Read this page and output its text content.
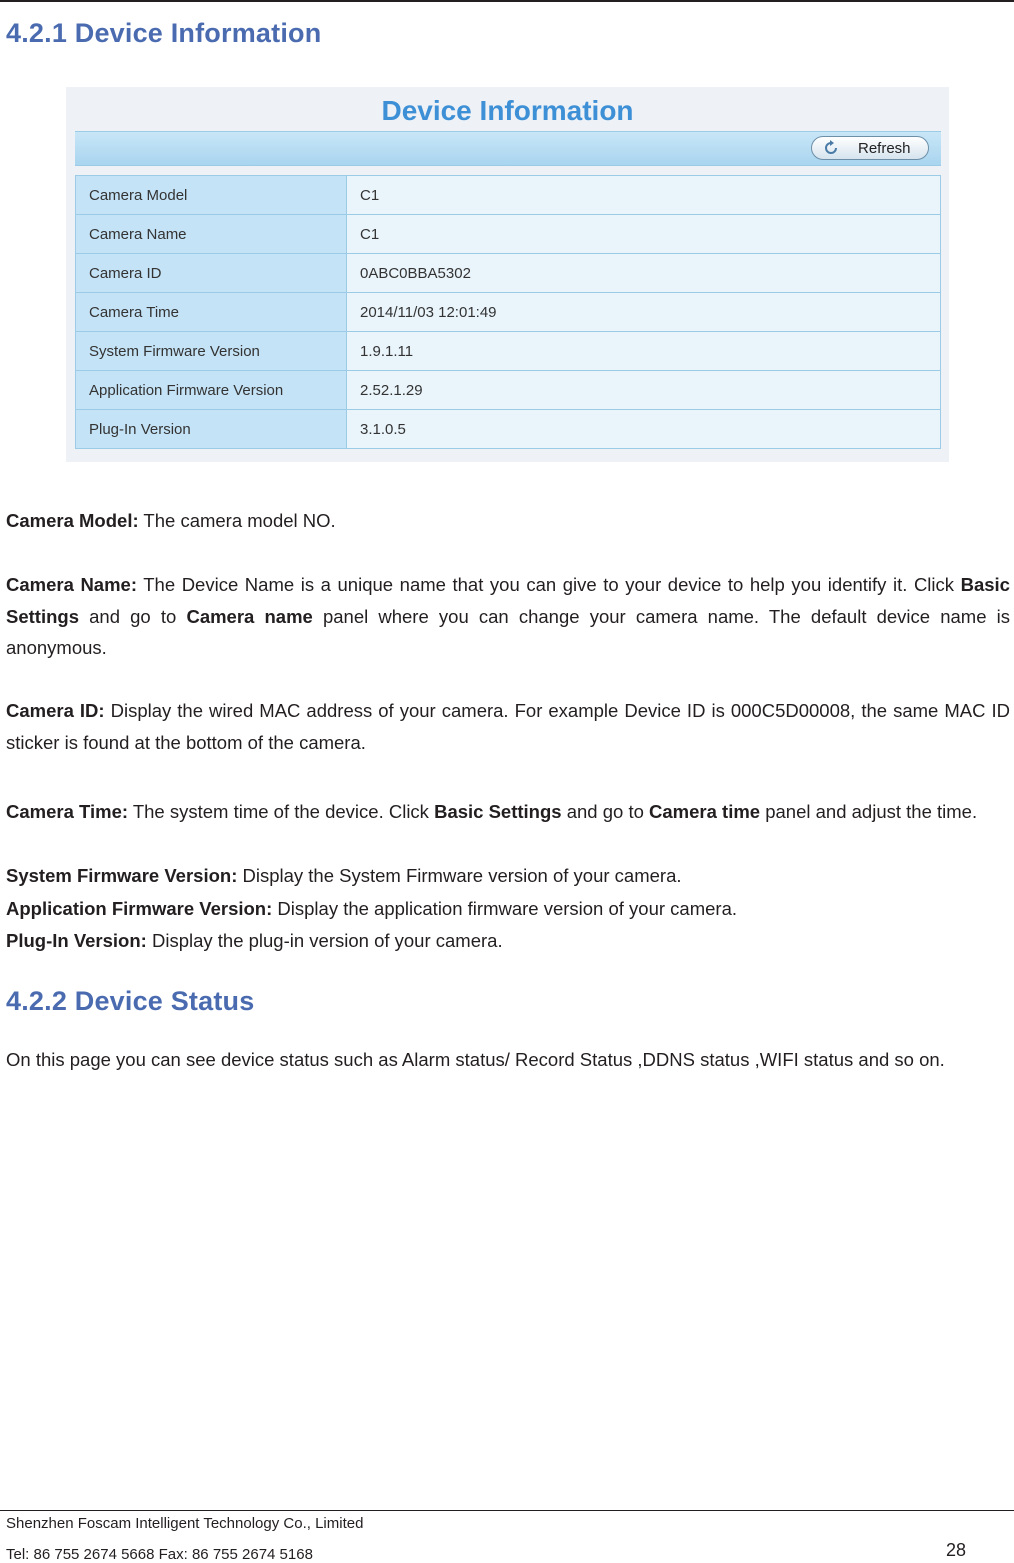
4.2.1 Device Information
Device Information
Refresh
Camera Model	C1
Camera Name	C1
Camera ID	0ABC0BBA5302
Camera Time	2014/11/03 12:01:49
System Firmware Version	1.9.1.11
Application Firmware Version	2.52.1.29
Plug-In Version	3.1.0.5

Camera Model: The camera model NO.

Camera Name: The Device Name is a unique name that you can give to your device to help you identify it. Click Basic Settings and go to Camera name panel where you can change your camera name. The default device name is anonymous.

Camera ID: Display the wired MAC address of your camera. For example Device ID is 000C5D00008, the same MAC ID sticker is found at the bottom of the camera.

Camera Time: The system time of the device. Click Basic Settings and go to Camera time panel and adjust the time.

System Firmware Version: Display the System Firmware version of your camera.

Application Firmware Version: Display the application firmware version of your camera.

Plug-In Version: Display the plug-in version of your camera.

4.2.2 Device Status

On this page you can see device status such as Alarm status/ Record Status ,DDNS status ,WIFI status and so on.

Shenzhen Foscam Intelligent Technology Co., Limited
Tel: 86 755 2674 5668 Fax: 86 755 2674 5168	28
